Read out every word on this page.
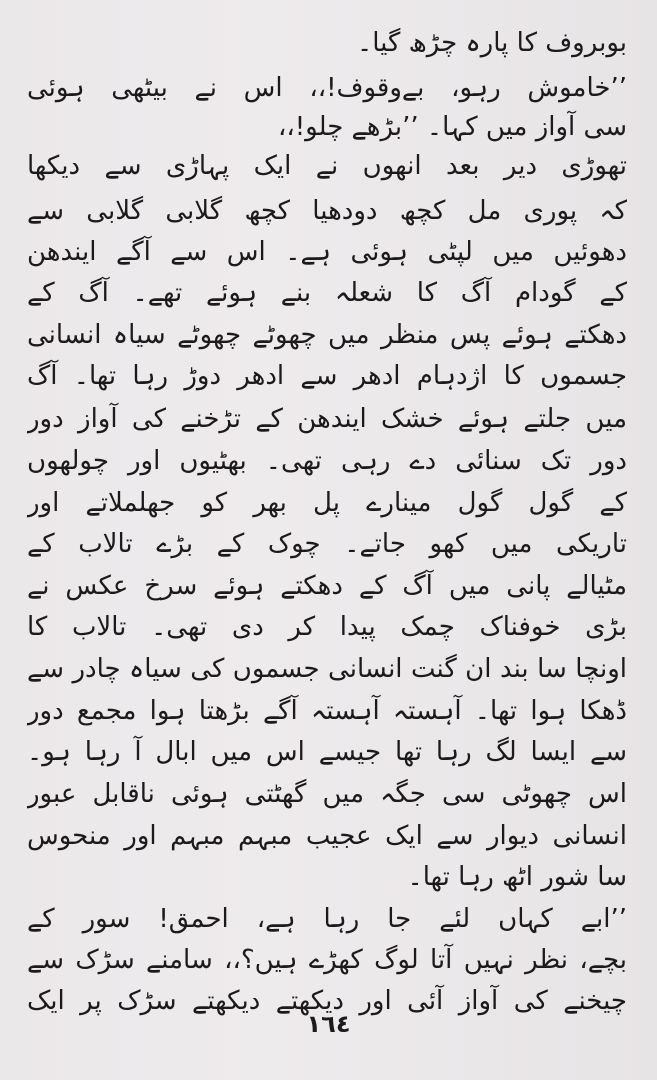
بوبروف کا پارہ چڑھ گیا۔
’’خاموش رہو، بےوقوف!،، اس نے بیٹھی ہوئی
سی آواز میں کہا۔ ’’بڑھے چلو!،،
تھوڑی دیر بعد انھوں نے ایک پہاڑی سے دیکھا
کہ پوری مل کچھ دودھیا کچھ گلابی گلابی سے
دھوئیں میں لپٹی ہوئی ہے۔ اس سے آگے ایندھن
کے گودام آگ کا شعلہ بنے ہوئے تھے۔ آگ کے
دھکتے ہوئے پس منظر میں چھوٹے چھوٹے سیاہ انسانی
جسموں کا اژدہام ادھر سے ادھر دوڑ رہا تھا۔ آگ
میں جلتے ہوئے خشک ایندھن کے تڑخنے کی آواز دور
دور تک سنائی دے رہی تھی۔ بھٹیوں اور چولھوں
کے گول گول مینارے پل بھر کو جھلملاتے اور
تاریکی میں کھو جاتے۔ چوک کے بڑے تالاب کے
مٹیالے پانی میں آگ کے دھکتے ہوئے سرخ عکس نے
بڑی خوفناک چمک پیدا کر دی تھی۔ تالاب کا
اونچا سا بند ان گنت انسانی جسموں کی سیاہ چادر سے
ڈھکا ہوا تھا۔ آہستہ آہستہ آگے بڑھتا ہوا مجمع دور
سے ایسا لگ رہا تھا جیسے اس میں ابال آ رہا ہو۔
اس چھوٹی سی جگہ میں گھٹتی ہوئی ناقابل عبور
انسانی دیوار سے ایک عجیب مبہم مبہم اور منحوس
سا شور اٹھ رہا تھا۔
’’ابے کہاں لئے جا رہا ہے، احمق! سور کے
بچے، نظر نہیں آتا لوگ کھڑے ہیں؟،، سامنے سڑک سے
چیخنے کی آواز آئی اور دیکھتے دیکھتے سڑک پر ایک
۱٦٤
